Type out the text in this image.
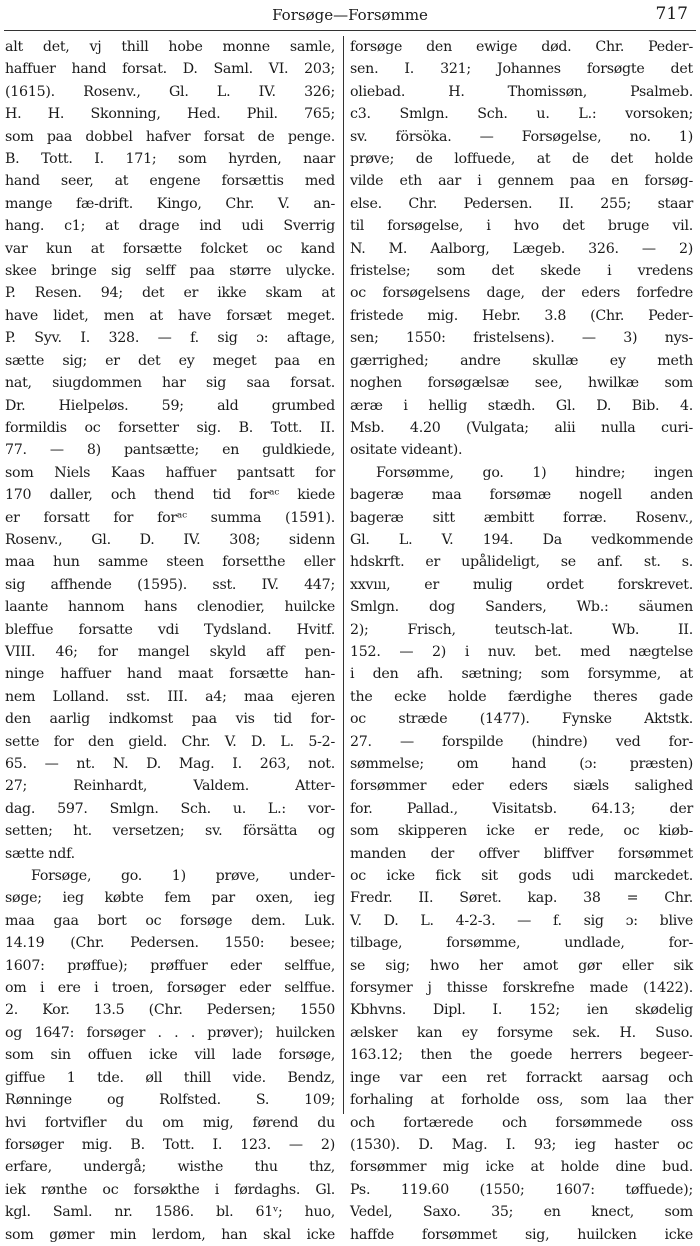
Forsøge—Forsømme	717
alt det, vj thill hobe monne samle,
haffuer hand forsat. D. Saml. VI. 203;
(1615). Rosenv., Gl. L. IV. 326;
H. H. Skonning, Hed. Phil. 765;
som paa dobbel hafver forsat de penge.
B. Tott. I. 171; som hyrden, naar
hand seer, at engene forsættis med
mange fæ-drift. Kingo, Chr. V. an-
hang. c1; at drage ind udi Sverrig
var kun at forsætte folcket oc kand
skee bringe sig selff paa større ulycke.
P. Resen. 94; det er ikke skam at
have lidet, men at have forsæt meget.
P. Syv. I. 328. — f. sig ɔ: aftage,
sætte sig; er det ey meget paa en
nat, siugdommen har sig saa forsat.
Dr. Hielpeløs. 59; ald grumbed
formildis oc forsetter sig. B. Tott. II.
77. — 8) pantsætte; en guldkiede,
som Niels Kaas haffuer pantsatt for
170 daller, och thend tid forᵃᶜ kiede
er forsatt for forᵃᶜ summa (1591).
Rosenv., Gl. D. IV. 308; sidenn
maa hun samme steen forsetthe eller
sig affhende (1595). sst. IV. 447;
laante hannom hans clenodier, huilcke
bleffue forsatte vdi Tydsland. Hvitf.
VIII. 46; for mangel skyld aff pen-
ninge haffuer hand maat forsætte han-
nem Lolland. sst. III. a4; maa ejeren
den aarlig indkomst paa vis tid for-
sette for den gield. Chr. V. D. L. 5-2-
65. — nt. N. D. Mag. I. 263, not.
27; Reinhardt, Valdem. Atter-
dag. 597. Smlgn. Sch. u. L.: vor-
setten; ht. versetzen; sv. försätta og
sætte ndf.
Forsøge, go. 1) prøve, under-
søge; ieg købte fem par oxen, ieg
maa gaa bort oc forsøge dem. Luk.
14.19 (Chr. Pedersen. 1550: besee;
1607: prøffue); prøffuer eder selffue,
om i ere i troen, forsøger eder selffue.
2. Kor. 13.5 (Chr. Pedersen; 1550
og 1647: forsøger . . . prøver); huilcken
som sin offuen icke vill lade forsøge,
giffue 1 tde. øll thill vide. Bendz,
Rønninge og Rolfsted. S. 109;
hvi fortvifler du om mig, førend du
forsøger mig. B. Tott. I. 123. — 2)
erfare, undergå; wisthe thu thz,
iek rønthe oc forsøkthe i førdaghs. Gl.
kgl. Saml. nr. 1586. bl. 61ᵛ; huo,
som gømer min lerdom, han skal icke
forsøge den ewige død. Chr. Peder-
sen. I. 321; Johannes forsøgte det
oliebad. H. Thomissøn, Psalmeb.
c3. Smlgn. Sch. u. L.: vorsoken;
sv. försöka. — Forsøgelse, no. 1)
prøve; de loffuede, at de det holde
vilde eth aar i gennem paa en forsøg-
else. Chr. Pedersen. II. 255; staar
til forsøgelse, i hvo det bruge vil.
N. M. Aalborg, Lægeb. 326. — 2)
fristelse; som det skede i vredens
oc forsøgelsens dage, der eders forfedre
fristede mig. Hebr. 3.8 (Chr. Peder-
sen; 1550: fristelsens). — 3) nys-
gærrighed; andre skullæ ey meth
noghen forsøgælsæ see, hwilkæ som
æræ i hellig stædh. Gl. D. Bib. 4.
Msb. 4.20 (Vulgata; alii nulla curi-
ositate videant).
Forsømme, go. 1) hindre; ingen
bageræ maa forsømæ nogell anden
bageræ sitt æmbitt forræ. Rosenv.,
Gl. L. V. 194. Da vedkommende
hdskrft. er upålideligt, se anf. st. s.
xxvııı, er mulig ordet forskrevet.
Smlgn. dog Sanders, Wb.: säumen
2); Frisch, teutsch-lat. Wb. II.
152. — 2) i nuv. bet. med nægtelse
i den afh. sætning; som forsymme, at
the ecke holde færdighe theres gade
oc stræde (1477). Fynske Aktstk.
27. — forspilde (hindre) ved for-
sømmelse; om hand (ɔ: præsten)
forsømmer eder eders siæls salighed
for. Pallad., Visitatsb. 64.13; der
som skipperen icke er rede, oc kiøb-
manden der offver bliffver forsømmet
oc icke fick sit gods udi marckedet.
Fredr. II. Søret. kap. 38 = Chr.
V. D. L. 4-2-3. — f. sig ɔ: blive
tilbage, forsømme, undlade, for-
se sig; hwo her amot gør eller sik
forsymer j thisse forskrefne made (1422).
Kbhvns. Dipl. I. 152; ien skødelig
ælsker kan ey forsyme sek. H. Suso.
163.12; then the goede herrers begeer-
inge var een ret forrackt aarsag och
forhaling at forholde oss, som laa ther
och fortærede och forsømmede oss
(1530). D. Mag. I. 93; ieg haster oc
forsømmer mig icke at holde dine bud.
Ps. 119.60 (1550; 1607: tøffuede);
Vedel, Saxo. 35; en knect, som
haffde forsømmet sig, huilcken icke
